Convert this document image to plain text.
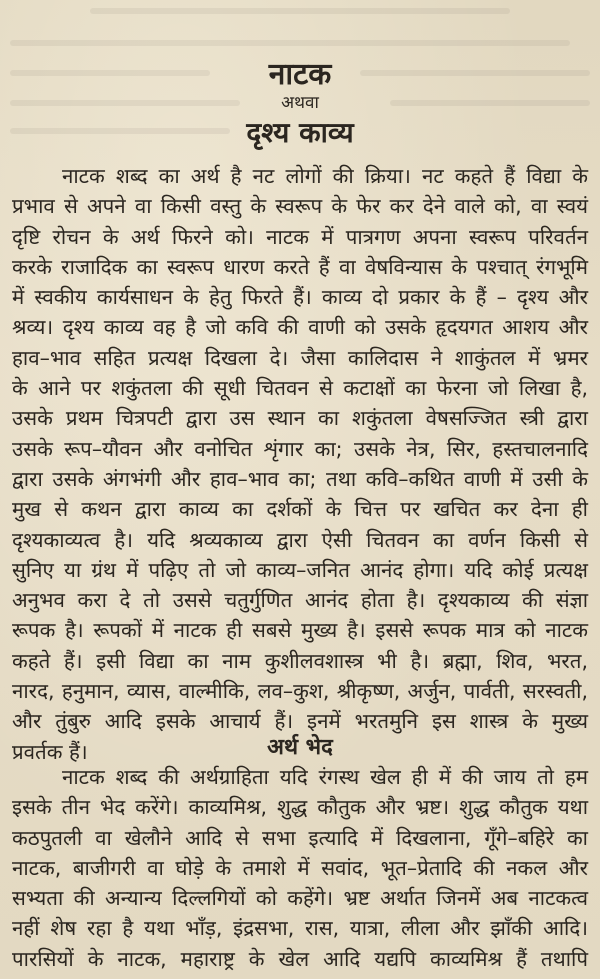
नाटक
अथवा
दृश्य काव्य
नाटक शब्द का अर्थ है नट लोगों की क्रिया। नट कहते हैं विद्या के
प्रभाव से अपने वा किसी वस्तु के स्वरूप के फेर कर देने वाले को, वा स्वयं
दृष्टि रोचन के अर्थ फिरने को। नाटक में पात्रगण अपना स्वरूप परिवर्तन
करके राजादिक का स्वरूप धारण करते हैं वा वेषविन्यास के पश्चात् रंगभूमि
में स्वकीय कार्यसाधन के हेतु फिरते हैं। काव्य दो प्रकार के हैं – दृश्य और
श्रव्य। दृश्य काव्य वह है जो कवि की वाणी को उसके हृदयगत आशय और
हाव–भाव सहित प्रत्यक्ष दिखला दे। जैसा कालिदास ने शाकुंतल में भ्रमर
के आने पर शकुंतला की सूधी चितवन से कटाक्षों का फेरना जो लिखा है,
उसके प्रथम चित्रपटी द्वारा उस स्थान का शकुंतला वेषसज्जित स्त्री द्वारा
उसके रूप–यौवन और वनोचित शृंगार का; उसके नेत्र, सिर, हस्तचालनादि
द्वारा उसके अंगभंगी और हाव–भाव का; तथा कवि–कथित वाणी में उसी के
मुख से कथन द्वारा काव्य का दर्शकों के चित्त पर खचित कर देना ही
दृश्यकाव्यत्व है। यदि श्रव्यकाव्य द्वारा ऐसी चितवन का वर्णन किसी से
सुनिए या ग्रंथ में पढ़िए तो जो काव्य–जनित आनंद होगा। यदि कोई प्रत्यक्ष
अनुभव करा दे तो उससे चतुर्गुणित आनंद होता है। दृश्यकाव्य की संज्ञा
रूपक है। रूपकों में नाटक ही सबसे मुख्य है। इससे रूपक मात्र को नाटक
कहते हैं। इसी विद्या का नाम कुशीलवशास्त्र भी है। ब्रह्मा, शिव, भरत,
नारद, हनुमान, व्यास, वाल्मीकि, लव–कुश, श्रीकृष्ण, अर्जुन, पार्वती, सरस्वती,
और तुंबुरु आदि इसके आचार्य हैं। इनमें भरतमुनि इस शास्त्र के मुख्य
प्रवर्तक हैं।	अर्थ भेद
नाटक शब्द की अर्थग्राहिता यदि रंगस्थ खेल ही में की जाय तो हम
इसके तीन भेद करेंगे। काव्यमिश्र, शुद्ध कौतुक और भ्रष्ट। शुद्ध कौतुक यथा
कठपुतली वा खेलौने आदि से सभा इत्यादि में दिखलाना, गूँगे–बहिरे का
नाटक, बाजीगरी वा घोड़े के तमाशे में सवांद, भूत–प्रेतादि की नकल और
सभ्यता की अन्यान्य दिल्लगियों को कहेंगे। भ्रष्ट अर्थात जिनमें अब नाटकत्व
नहीं शेष रहा है यथा भाँड़, इंद्रसभा, रास, यात्रा, लीला और झाँकी आदि।
पारसियों के नाटक, महाराष्ट्र के खेल आदि यद्यपि काव्यमिश्र हैं तथापि
